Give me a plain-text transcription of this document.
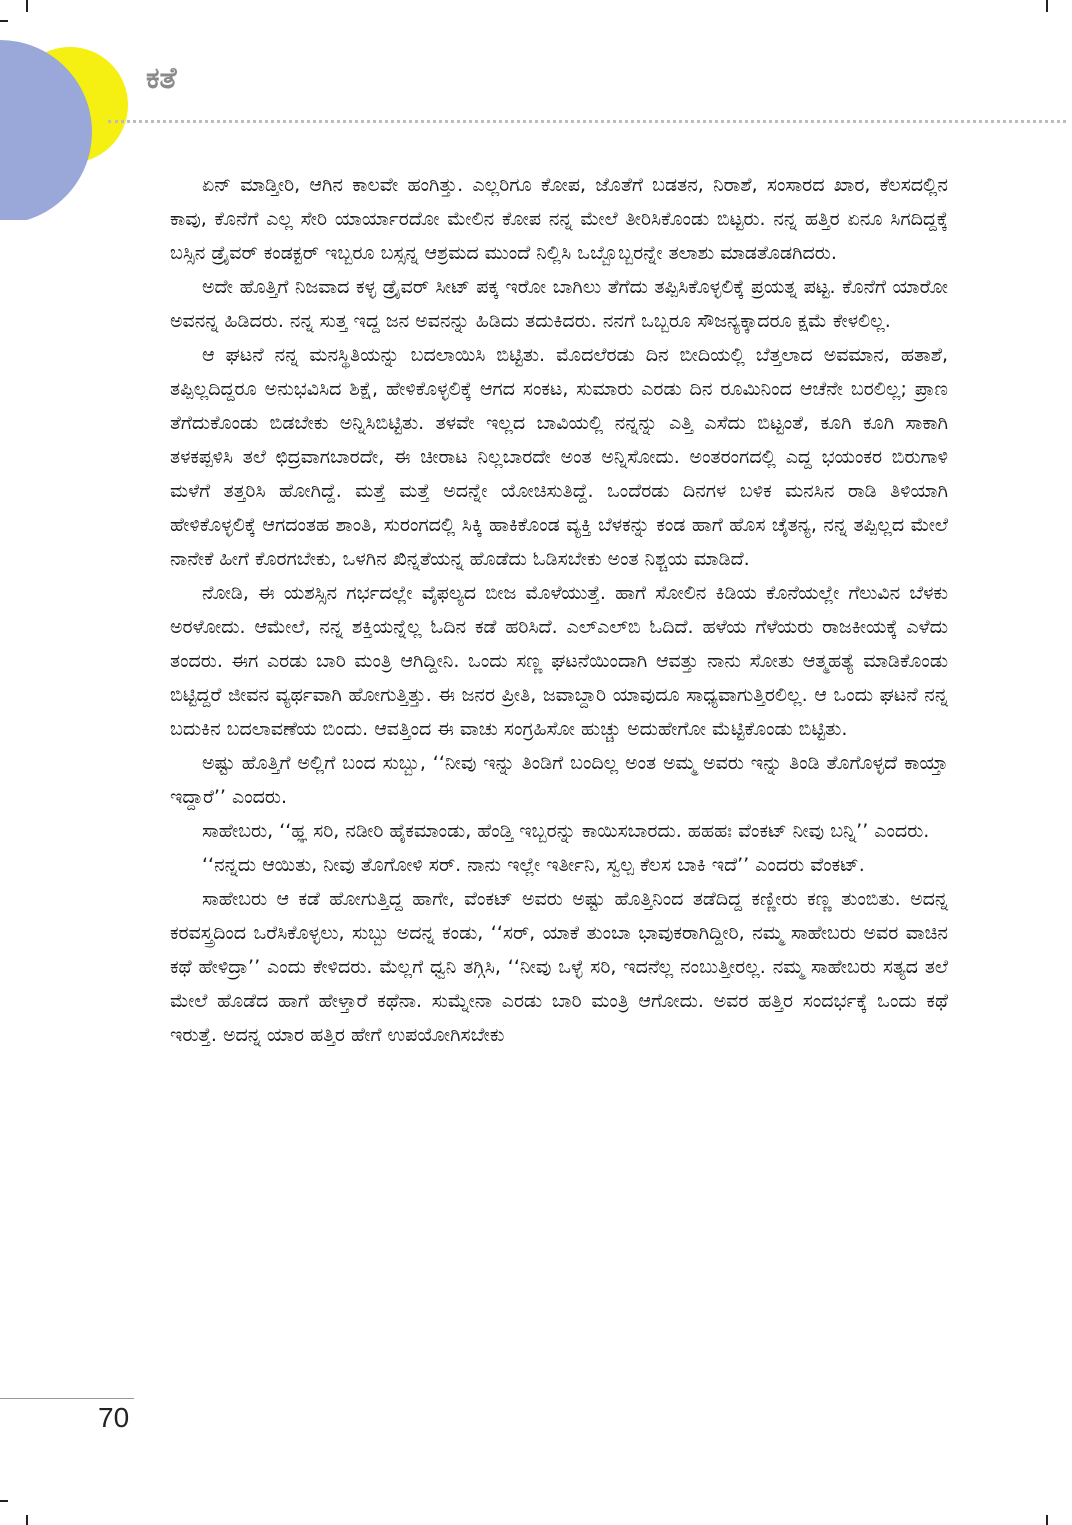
ಕತೆ

ಏನ್ ಮಾಡ್ತೀರಿ, ಆಗಿನ ಕಾಲವೇ ಹಂಗಿತ್ತು. ಎಲ್ಲರಿಗೂ ಕೋಪ, ಜೊತೆಗೆ ಬಡತನ, ನಿರಾಶೆ, ಸಂಸಾರದ ಖಾರ, ಕೆಲಸದಲ್ಲಿನ ಕಾವು, ಕೊನೆಗೆ ಎಲ್ಲ ಸೇರಿ ಯಾರ್ಯಾರದೋ ಮೇಲಿನ ಕೋಪ ನನ್ನ ಮೇಲೆ ತೀರಿಸಿಕೊಂಡು ಬಿಟ್ಟರು. ನನ್ನ ಹತ್ತಿರ ಏನೂ ಸಿಗದಿದ್ದಕ್ಕೆ ಬಸ್ಸಿನ ಡ್ರೈವರ್ ಕಂಡಕ್ಟರ್ ಇಬ್ಬರೂ ಬಸ್ಸನ್ನ ಆಶ್ರಮದ ಮುಂದೆ ನಿಲ್ಲಿಸಿ ಒಬ್ಬೊಬ್ಬರನ್ನೇ ತಲಾಶು ಮಾಡತೊಡಗಿದರು.

ಅದೇ ಹೊತ್ತಿಗೆ ನಿಜವಾದ ಕಳ್ಳ ಡ್ರೈವರ್ ಸೀಟ್ ಪಕ್ಕ ಇರೋ ಬಾಗಿಲು ತೆಗೆದು ತಪ್ಪಿಸಿಕೊಳ್ಳಲಿಕ್ಕೆ ಪ್ರಯತ್ನ ಪಟ್ಟ. ಕೊನೆಗೆ ಯಾರೋ ಅವನನ್ನ ಹಿಡಿದರು. ನನ್ನ ಸುತ್ತ ಇದ್ದ ಜನ ಅವನನ್ನು ಹಿಡಿದು ತದುಕಿದರು. ನನಗೆ ಒಬ್ಬರೂ ಸೌಜನ್ಯಕ್ಕಾದರೂ ಕ್ಷಮೆ ಕೇಳಲಿಲ್ಲ.

ಆ ಘಟನೆ ನನ್ನ ಮನಸ್ಥಿತಿಯನ್ನು ಬದಲಾಯಿಸಿ ಬಿಟ್ಟಿತು. ಮೊದಲೆರಡು ದಿನ ಬೀದಿಯಲ್ಲಿ ಬೆತ್ತಲಾದ ಅವಮಾನ, ಹತಾಶೆ, ತಪ್ಪಿಲ್ಲದಿದ್ದರೂ ಅನುಭವಿಸಿದ ಶಿಕ್ಷೆ, ಹೇಳಿಕೊಳ್ಳಲಿಕ್ಕೆ ಆಗದ ಸಂಕಟ, ಸುಮಾರು ಎರಡು ದಿನ ರೂಮಿನಿಂದ ಆಚೆನೇ ಬರಲಿಲ್ಲ; ಪ್ರಾಣ ತೆಗೆದುಕೊಂಡು ಬಿಡಬೇಕು ಅನ್ನಿಸಿಬಿಟ್ಟಿತು. ತಳವೇ ಇಲ್ಲದ ಬಾವಿಯಲ್ಲಿ ನನ್ನನ್ನು ಎತ್ತಿ ಎಸೆದು ಬಿಟ್ಟಂತೆ, ಕೂಗಿ ಕೂಗಿ ಸಾಕಾಗಿ ತಳಕಪ್ಪಳಿಸಿ ತಲೆ ಛಿದ್ರವಾಗಬಾರದೇ, ಈ ಚೀರಾಟ ನಿಲ್ಲಬಾರದೇ ಅಂತ ಅನ್ನಿಸೋದು. ಅಂತರಂಗದಲ್ಲಿ ಎದ್ದ ಭಯಂಕರ ಬಿರುಗಾಳಿ ಮಳೆಗೆ ತತ್ತರಿಸಿ ಹೋಗಿದ್ದೆ. ಮತ್ತೆ ಮತ್ತೆ ಅದನ್ನೇ ಯೋಚಿಸುತಿದ್ದೆ. ಒಂದೆರಡು ದಿನಗಳ ಬಳಿಕ ಮನಸಿನ ರಾಡಿ ತಿಳಿಯಾಗಿ ಹೇಳಿಕೊಳ್ಳಲಿಕ್ಕೆ ಆಗದಂತಹ ಶಾಂತಿ, ಸುರಂಗದಲ್ಲಿ ಸಿಕ್ಕಿ ಹಾಕಿಕೊಂಡ ವ್ಯಕ್ತಿ ಬೆಳಕನ್ನು ಕಂಡ ಹಾಗೆ ಹೊಸ ಚೈತನ್ಯ, ನನ್ನ ತಪ್ಪಿಲ್ಲದ ಮೇಲೆ ನಾನೇಕೆ ಹೀಗೆ ಕೊರಗಬೇಕು, ಒಳಗಿನ ಖಿನ್ನತೆಯನ್ನ ಹೊಡೆದು ಓಡಿಸಬೇಕು ಅಂತ ನಿಶ್ಚಯ ಮಾಡಿದೆ.

ನೋಡಿ, ಈ ಯಶಸ್ಸಿನ ಗರ್ಭದಲ್ಲೇ ವೈಫಲ್ಯದ ಬೀಜ ಮೊಳೆಯುತ್ತೆ. ಹಾಗೆ ಸೋಲಿನ ಕಿಡಿಯ ಕೊನೆಯಲ್ಲೇ ಗೆಲುವಿನ ಬೆಳಕು ಅರಳೋದು. ಆಮೇಲೆ, ನನ್ನ ಶಕ್ತಿಯನ್ನೆಲ್ಲ ಓದಿನ ಕಡೆ ಹರಿಸಿದೆ. ಎಲ್ಎಲ್‌ಬಿ ಓದಿದೆ. ಹಳೆಯ ಗೆಳೆಯರು ರಾಜಕೀಯಕ್ಕೆ ಎಳೆದು ತಂದರು. ಈಗ ಎರಡು ಬಾರಿ ಮಂತ್ರಿ ಆಗಿದ್ದೀನಿ. ಒಂದು ಸಣ್ಣ ಘಟನೆಯಿಂದಾಗಿ ಆವತ್ತು ನಾನು ಸೋತು ಆತ್ಮಹತ್ಯೆ ಮಾಡಿಕೊಂಡು ಬಿಟ್ಟಿದ್ದರೆ ಜೀವನ ವ್ಯರ್ಥವಾಗಿ ಹೋಗುತ್ತಿತ್ತು. ಈ ಜನರ ಪ್ರೀತಿ, ಜವಾಬ್ದಾರಿ ಯಾವುದೂ ಸಾಧ್ಯವಾಗುತ್ತಿರಲಿಲ್ಲ. ಆ ಒಂದು ಘಟನೆ ನನ್ನ ಬದುಕಿನ ಬದಲಾವಣೆಯ ಬಿಂದು. ಆವತ್ತಿಂದ ಈ ವಾಚು ಸಂಗ್ರಹಿಸೋ ಹುಚ್ಚು ಅದುಹೇಗೋ ಮೆಟ್ಟಿಕೊಂಡು ಬಿಟ್ಟಿತು.

ಅಷ್ಟು ಹೊತ್ತಿಗೆ ಅಲ್ಲಿಗೆ ಬಂದ ಸುಬ್ಬು, ‘‘ನೀವು ಇನ್ನು ತಿಂಡಿಗೆ ಬಂದಿಲ್ಲ ಅಂತ ಅಮ್ಮ ಅವರು ಇನ್ನು ತಿಂಡಿ ತೊಗೊಳ್ಳದೆ ಕಾಯ್ತಾ ಇದ್ದಾರೆ’’ ಎಂದರು.

ಸಾಹೇಬರು, ‘‘ಹ್ಞ ಸರಿ, ನಡೀರಿ ಹೈಕಮಾಂಡು, ಹೆಂಡ್ತಿ ಇಬ್ಬರನ್ನು ಕಾಯಿಸಬಾರದು. ಹಹಹಃ ವೆಂಕಟ್ ನೀವು ಬನ್ನಿ’’ ಎಂದರು.

‘‘ನನ್ನದು ಆಯಿತು, ನೀವು ತೊಗೋಳಿ ಸರ್. ನಾನು ಇಲ್ಲೇ ಇರ್ತೀನಿ, ಸ್ವಲ್ಪ ಕೆಲಸ ಬಾಕಿ ಇದೆ’’ ಎಂದರು ವೆಂಕಟ್.

ಸಾಹೇಬರು ಆ ಕಡೆ ಹೋಗುತ್ತಿದ್ದ ಹಾಗೇ, ವೆಂಕಟ್ ಅವರು ಅಷ್ಟು ಹೊತ್ತಿನಿಂದ ತಡೆದಿದ್ದ ಕಣ್ಣೀರು ಕಣ್ಣ ತುಂಬಿತು. ಅದನ್ನ ಕರವಸ್ತ್ರದಿಂದ ಒರೆಸಿಕೊಳ್ಳಲು, ಸುಬ್ಬು ಅದನ್ನ ಕಂಡು, ‘‘ಸರ್, ಯಾಕೆ ತುಂಬಾ ಭಾವುಕರಾಗಿದ್ದೀರಿ, ನಮ್ಮ ಸಾಹೇಬರು ಅವರ ವಾಚಿನ ಕಥೆ ಹೇಳಿದ್ರಾ’’ ಎಂದು ಕೇಳಿದರು. ಮೆಲ್ಲಗೆ ಧ್ವನಿ ತಗ್ಗಿಸಿ, ‘‘ನೀವು ಒಳ್ಳೆ ಸರಿ, ಇದನೆಲ್ಲ ನಂಬುತ್ತೀರಲ್ಲ. ನಮ್ಮ ಸಾಹೇಬರು ಸತ್ಯದ ತಲೆ ಮೇಲೆ ಹೊಡೆದ ಹಾಗೆ ಹೇಳ್ತಾರೆ ಕಥೆನಾ. ಸುಮ್ನೇನಾ ಎರಡು ಬಾರಿ ಮಂತ್ರಿ ಆಗೋದು. ಅವರ ಹತ್ತಿರ ಸಂದರ್ಭಕ್ಕೆ ಒಂದು ಕಥೆ ಇರುತ್ತೆ. ಅದನ್ನ ಯಾರ ಹತ್ತಿರ ಹೇಗೆ ಉಪಯೋಗಿಸಬೇಕು

70
